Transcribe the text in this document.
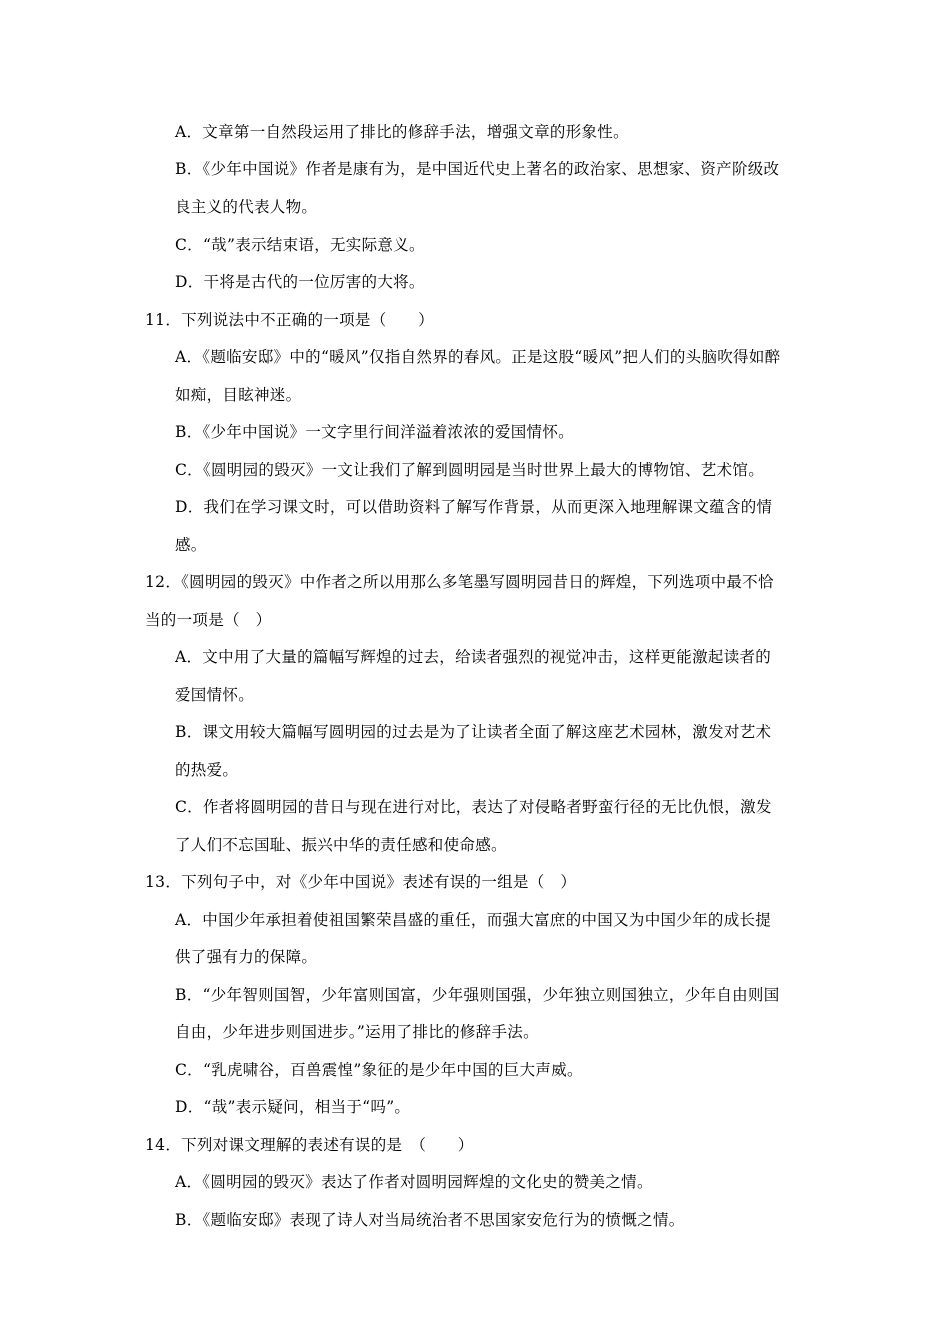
A．文章第一自然段运用了排比的修辞手法，增强文章的形象性。
B．《少年中国说》作者是康有为，是中国近代史上著名的政治家、思想家、资产阶级改
良主义的代表人物。
C．“哉”表示结束语，无实际意义。
D．干将是古代的一位厉害的大将。
11．下列说法中不正确的一项是（　　）
A．《题临安邸》中的“暖风”仅指自然界的春风。正是这股“暖风”把人们的头脑吹得如醉
如痴，目眩神迷。
B．《少年中国说》一文字里行间洋溢着浓浓的爱国情怀。
C．《圆明园的毁灭》一文让我们了解到圆明园是当时世界上最大的博物馆、艺术馆。
D．我们在学习课文时，可以借助资料了解写作背景，从而更深入地理解课文蕴含的情
感。
12．《圆明园的毁灭》中作者之所以用那么多笔墨写圆明园昔日的辉煌，下列选项中最不恰
当的一项是（　）
A．文中用了大量的篇幅写辉煌的过去，给读者强烈的视觉冲击，这样更能激起读者的
爱国情怀。
B．课文用较大篇幅写圆明园的过去是为了让读者全面了解这座艺术园林，激发对艺术
的热爱。
C．作者将圆明园的昔日与现在进行对比，表达了对侵略者野蛮行径的无比仇恨，激发
了人们不忘国耻、振兴中华的责任感和使命感。
13．下列句子中，对《少年中国说》表述有误的一组是（　）
A．中国少年承担着使祖国繁荣昌盛的重任，而强大富庶的中国又为中国少年的成长提
供了强有力的保障。
B．“少年智则国智，少年富则国富，少年强则国强，少年独立则国独立，少年自由则国
自由，少年进步则国进步。”运用了排比的修辞手法。
C．“乳虎啸谷，百兽震惶”象征的是少年中国的巨大声威。
D．“哉”表示疑问，相当于“吗”。
14．下列对课文理解的表述有误的是　（　　）
A．《圆明园的毁灭》表达了作者对圆明园辉煌的文化史的赞美之情。
B．《题临安邸》表现了诗人对当局统治者不思国家安危行为的愤慨之情。
